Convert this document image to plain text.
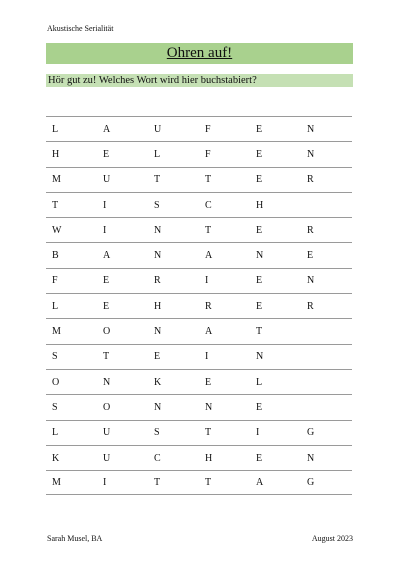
Akustische Serialität
Ohren auf!
Hör gut zu! Welches Wort wird hier buchstabiert?
L	A	U	F	E	N
H	E	L	F	E	N
M	U	T	T	E	R
T	I	S	C	H
W	I	N	T	E	R
B	A	N	A	N	E
F	E	R	I	E	N
L	E	H	R	E	R
M	O	N	A	T
S	T	E	I	N
O	N	K	E	L
S	O	N	N	E
L	U	S	T	I	G
K	U	C	H	E	N
M	I	T	T	A	G
Sarah Musel, BA	August 2023
